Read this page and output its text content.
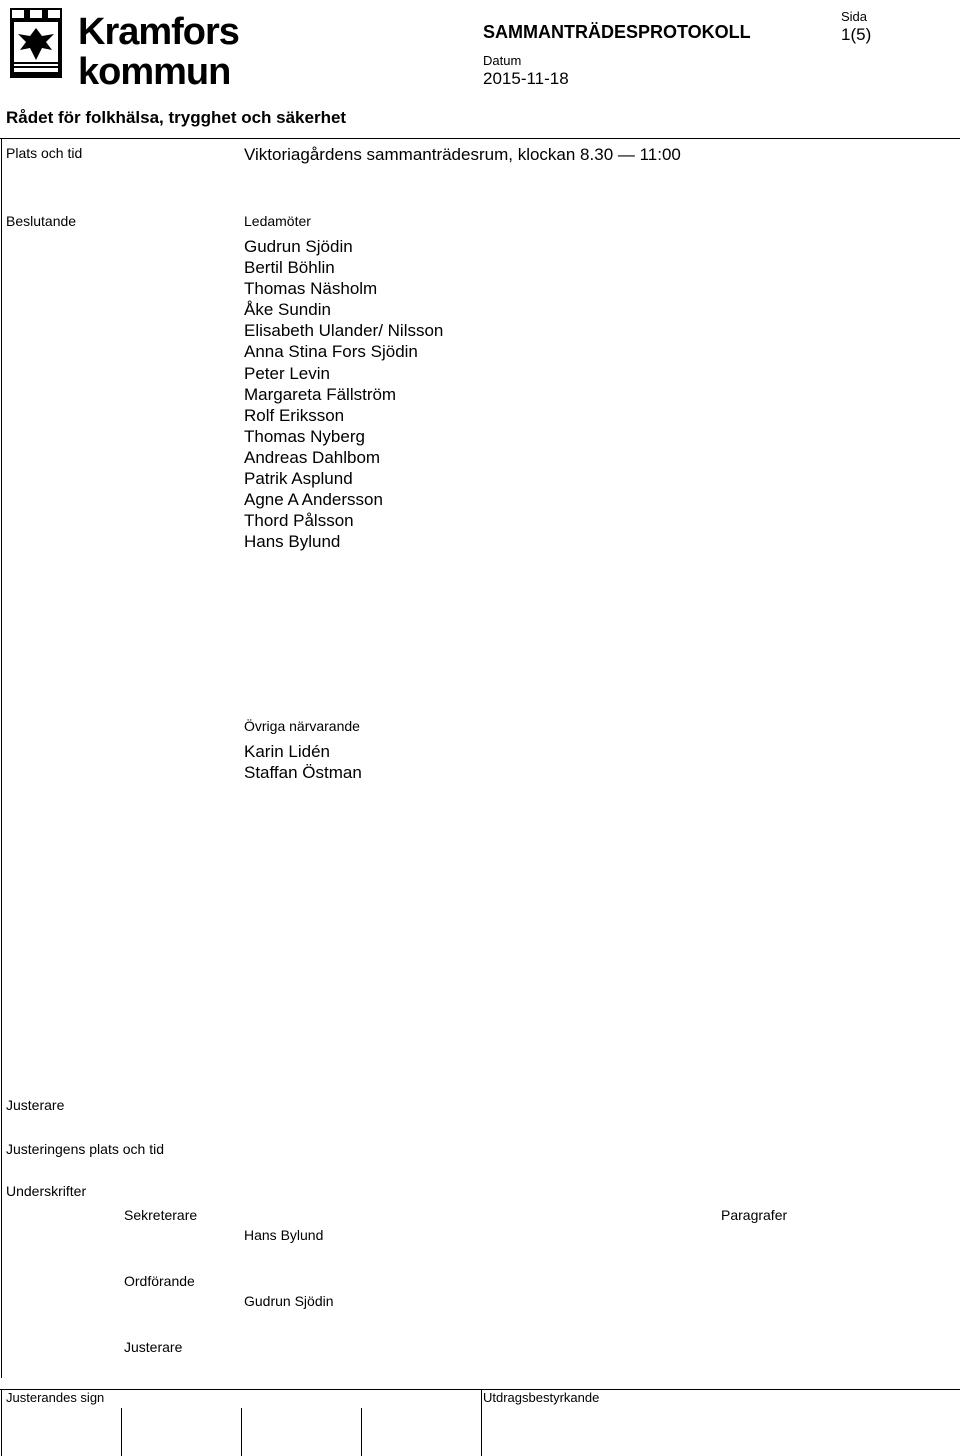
Kramfors
kommun
SAMMANTRÄDESPROTOKOLL
Sida
1(5)
Datum
2015-11-18
Rådet för folkhälsa, trygghet och säkerhet
Plats och tid	Viktoriagårdens sammanträdesrum, klockan 8.30 — 11:00
Beslutande	Ledamöter
Gudrun Sjödin
Bertil Böhlin
Thomas Näsholm
Åke Sundin
Elisabeth Ulander/ Nilsson
Anna Stina Fors Sjödin
Peter Levin
Margareta Fällström
Rolf Eriksson
Thomas Nyberg
Andreas Dahlbom
Patrik Asplund
Agne A Andersson
Thord Pålsson
Hans Bylund
Övriga närvarande
Karin Lidén
Staffan Östman
Justerare
Justeringens plats och tid
Underskrifter
Sekreterare
Hans Bylund
Paragrafer
Ordförande
Gudrun Sjödin
Justerare
Justerandes sign	Utdragsbestyrkande
